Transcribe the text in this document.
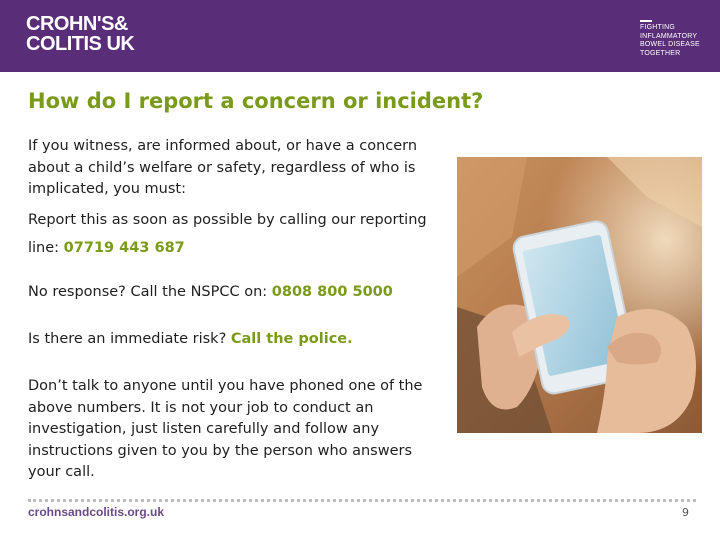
CROHN'S&
COLITIS UK
FIGHTING
INFLAMMATORY
BOWEL DISEASE
TOGETHER
How do I report a concern or incident?

If you witness, are informed about, or have a concern about a child’s welfare or safety, regardless of who is implicated, you must:

Report this as soon as possible by calling our reporting line: 07719 443 687

No response? Call the NSPCC on: 0808 800 5000

Is there an immediate risk? Call the police.

Don’t talk to anyone until you have phoned one of the above numbers. It is not your job to conduct an investigation, just listen carefully and follow any instructions given to you by the person who answers your call.

crohnsandcolitis.org.uk	9
